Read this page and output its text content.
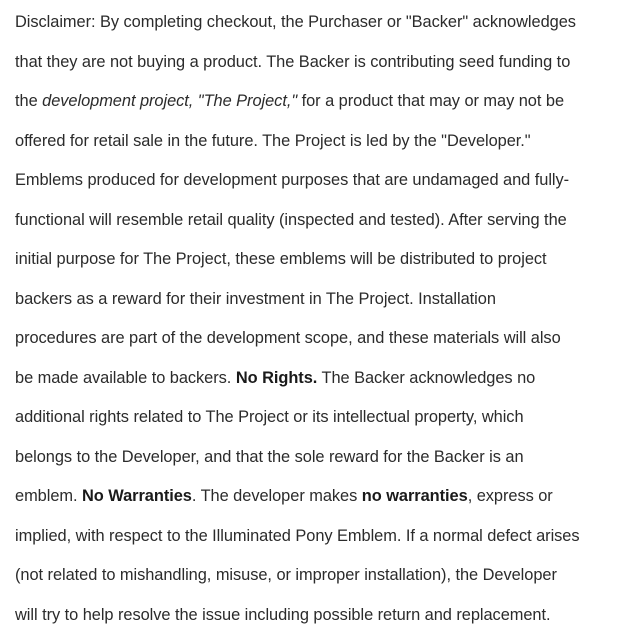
Disclaimer: By completing checkout, the Purchaser or "Backer" acknowledges
that they are not buying a product. The Backer is contributing seed funding to
the development project, "The Project," for a product that may or may not be
offered for retail sale in the future. The Project is led by the "Developer."
Emblems produced for development purposes that are undamaged and fully-
functional will resemble retail quality (inspected and tested). After serving the
initial purpose for The Project, these emblems will be distributed to project
backers as a reward for their investment in The Project. Installation
procedures are part of the development scope, and these materials will also
be made available to backers. No Rights. The Backer acknowledges no
additional rights related to The Project or its intellectual property, which
belongs to the Developer, and that the sole reward for the Backer is an
emblem. No Warranties. The developer makes no warranties, express or
implied, with respect to the Illuminated Pony Emblem. If a normal defect arises
(not related to mishandling, misuse, or improper installation), the Developer
will try to help resolve the issue including possible return and replacement.
